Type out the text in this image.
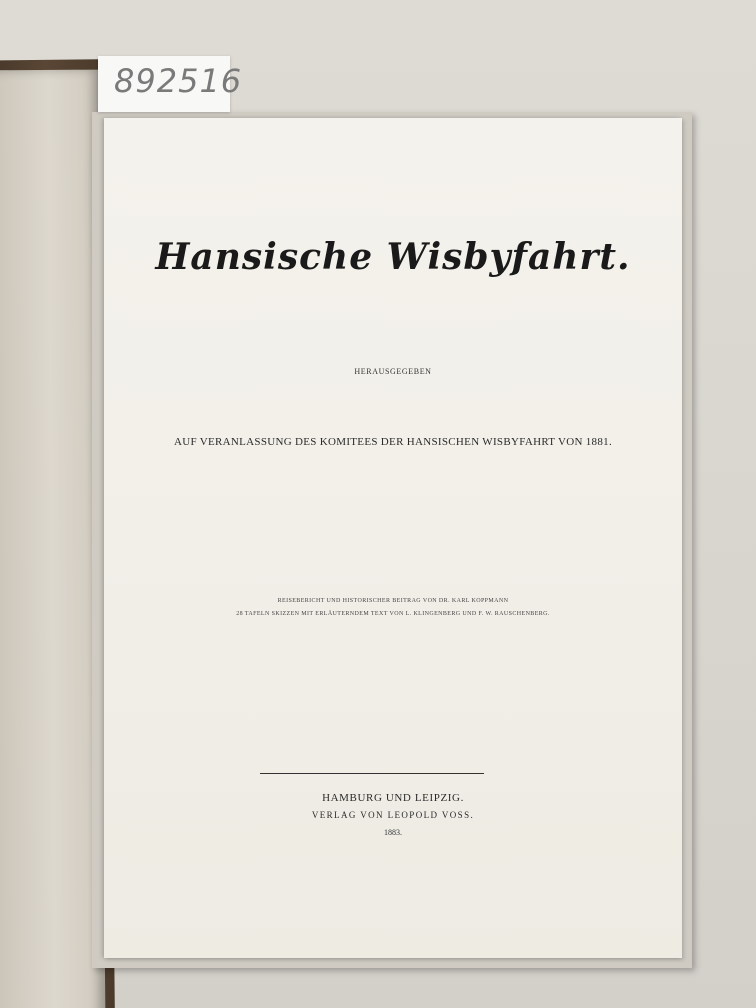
892516
Hansische Wisbyfahrt.
HERAUSGEGEBEN
AUF VERANLASSUNG DES KOMITEES DER HANSISCHEN WISBYFAHRT VON 1881.
REISEBERICHT UND HISTORISCHER BEITRAG VON DR. KARL KOPPMANN
28 TAFELN SKIZZEN MIT ERLÄUTERNDEM TEXT VON L. KLINGENBERG UND F. W. RAUSCHENBERG.
HAMBURG UND LEIPZIG.
VERLAG VON LEOPOLD VOSS.
1883.
